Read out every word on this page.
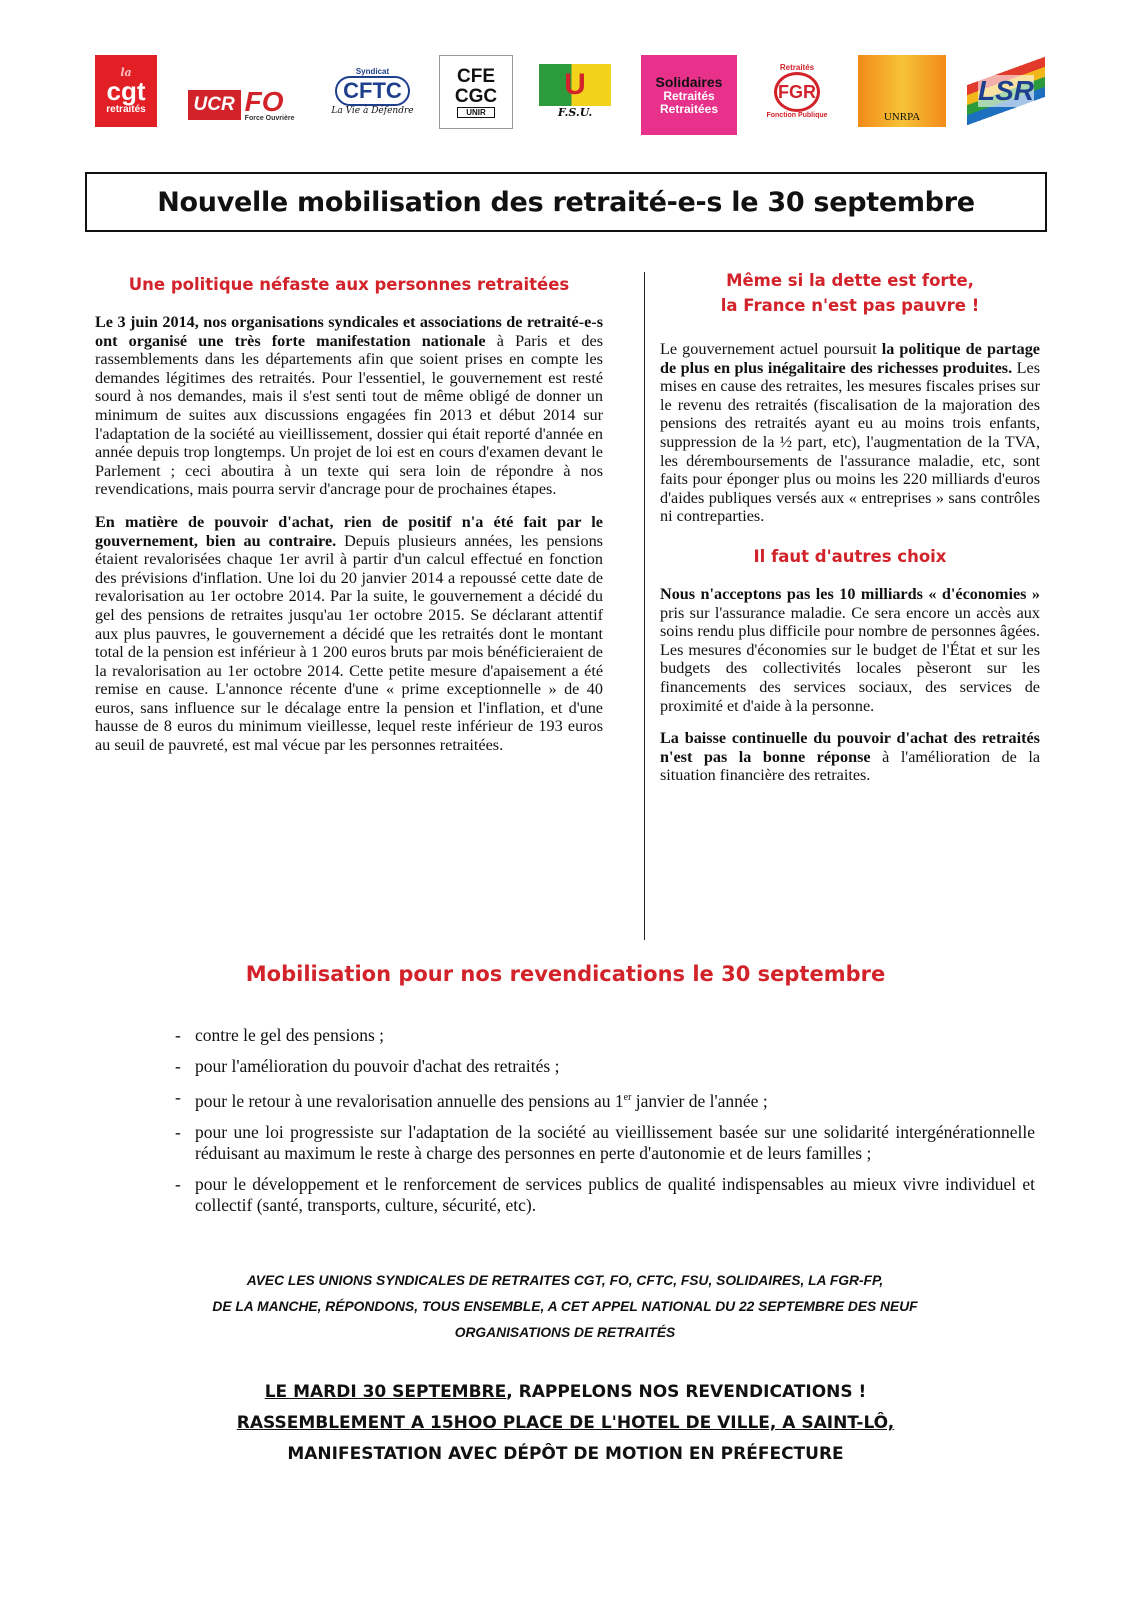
la
cgt
retraités	UCR FO
Force Ouvrière
Syndicat
CFTC
La Vie à Défendre
CFE CGC
UNIR
U
F.S.U.
Solidaires
Retraités Retraitées
Retraités
FGR
Fonction Publique	UNRPA
LSR
Nouvelle mobilisation des retraité-e-s le 30 septembre
Une politique néfaste aux personnes retraitées

Le 3 juin 2014, nos organisations syndicales et associations de retraité-e-s ont organisé une très forte manifestation nationale à Paris et des rassemblements dans les départements afin que soient prises en compte les demandes légitimes des retraités. Pour l'essentiel, le gouvernement est resté sourd à nos demandes, mais il s'est senti tout de même obligé de donner un minimum de suites aux discussions engagées fin 2013 et début 2014 sur l'adaptation de la société au vieillissement, dossier qui était reporté d'année en année depuis trop longtemps. Un projet de loi est en cours d'examen devant le Parlement ; ceci aboutira à un texte qui sera loin de répondre à nos revendications, mais pourra servir d'ancrage pour de prochaines étapes.

En matière de pouvoir d'achat, rien de positif n'a été fait par le gouvernement, bien au contraire. Depuis plusieurs années, les pensions étaient revalorisées chaque 1er avril à partir d'un calcul effectué en fonction des prévisions d'inflation. Une loi du 20 janvier 2014 a repoussé cette date de revalorisation au 1er octobre 2014. Par la suite, le gouvernement a décidé du gel des pensions de retraites jusqu'au 1er octobre 2015. Se déclarant attentif aux plus pauvres, le gouvernement a décidé que les retraités dont le montant total de la pension est inférieur à 1 200 euros bruts par mois bénéficieraient de la revalorisation au 1er octobre 2014. Cette petite mesure d'apaisement a été remise en cause. L'annonce récente d'une « prime exceptionnelle » de 40 euros, sans influence sur le décalage entre la pension et l'inflation, et d'une hausse de 8 euros du minimum vieillesse, lequel reste inférieur de 193 euros au seuil de pauvreté, est mal vécue par les personnes retraitées.

Même si la dette est forte,
la France n'est pas pauvre !

Le gouvernement actuel poursuit la politique de partage de plus en plus inégalitaire des richesses produites. Les mises en cause des retraites, les mesures fiscales prises sur le revenu des retraités (fiscalisation de la majoration des pensions des retraités ayant eu au moins trois enfants, suppression de la ½ part, etc), l'augmentation de la TVA, les déremboursements de l'assurance maladie, etc, sont faits pour éponger plus ou moins les 220 milliards d'euros d'aides publiques versés aux « entreprises » sans contrôles ni contreparties.

Il faut d'autres choix

Nous n'acceptons pas les 10 milliards « d'économies » pris sur l'assurance maladie. Ce sera encore un accès aux soins rendu plus difficile pour nombre de personnes âgées. Les mesures d'économies sur le budget de l'État et sur les budgets des collectivités locales pèseront sur les financements des services sociaux, des services de proximité et d'aide à la personne.

La baisse continuelle du pouvoir d'achat des retraités n'est pas la bonne réponse à l'amélioration de la situation financière des retraites.

Mobilisation pour nos revendications le 30 septembre
- contre le gel des pensions ;
- pour l'amélioration du pouvoir d'achat des retraités ;
- pour le retour à une revalorisation annuelle des pensions au 1er janvier de l'année ;
- pour une loi progressiste sur l'adaptation de la société au vieillissement basée sur une solidarité intergénérationnelle réduisant au maximum le reste à charge des personnes en perte d'autonomie et de leurs familles ;
- pour le développement et le renforcement de services publics de qualité indispensables au mieux vivre individuel et collectif (santé, transports, culture, sécurité, etc).
AVEC LES UNIONS SYNDICALES DE RETRAITES CGT, FO, CFTC, FSU, SOLIDAIRES, LA FGR-FP,
DE LA MANCHE, RÉPONDONS, TOUS ENSEMBLE, A CET APPEL NATIONAL DU 22 SEPTEMBRE DES NEUF
ORGANISATIONS DE RETRAITÉS
LE MARDI 30 SEPTEMBRE, RAPPELONS NOS REVENDICATIONS !
RASSEMBLEMENT A 15HOO PLACE DE L'HOTEL DE VILLE, A SAINT-LÔ,
MANIFESTATION AVEC DÉPÔT DE MOTION EN PRÉFECTURE
